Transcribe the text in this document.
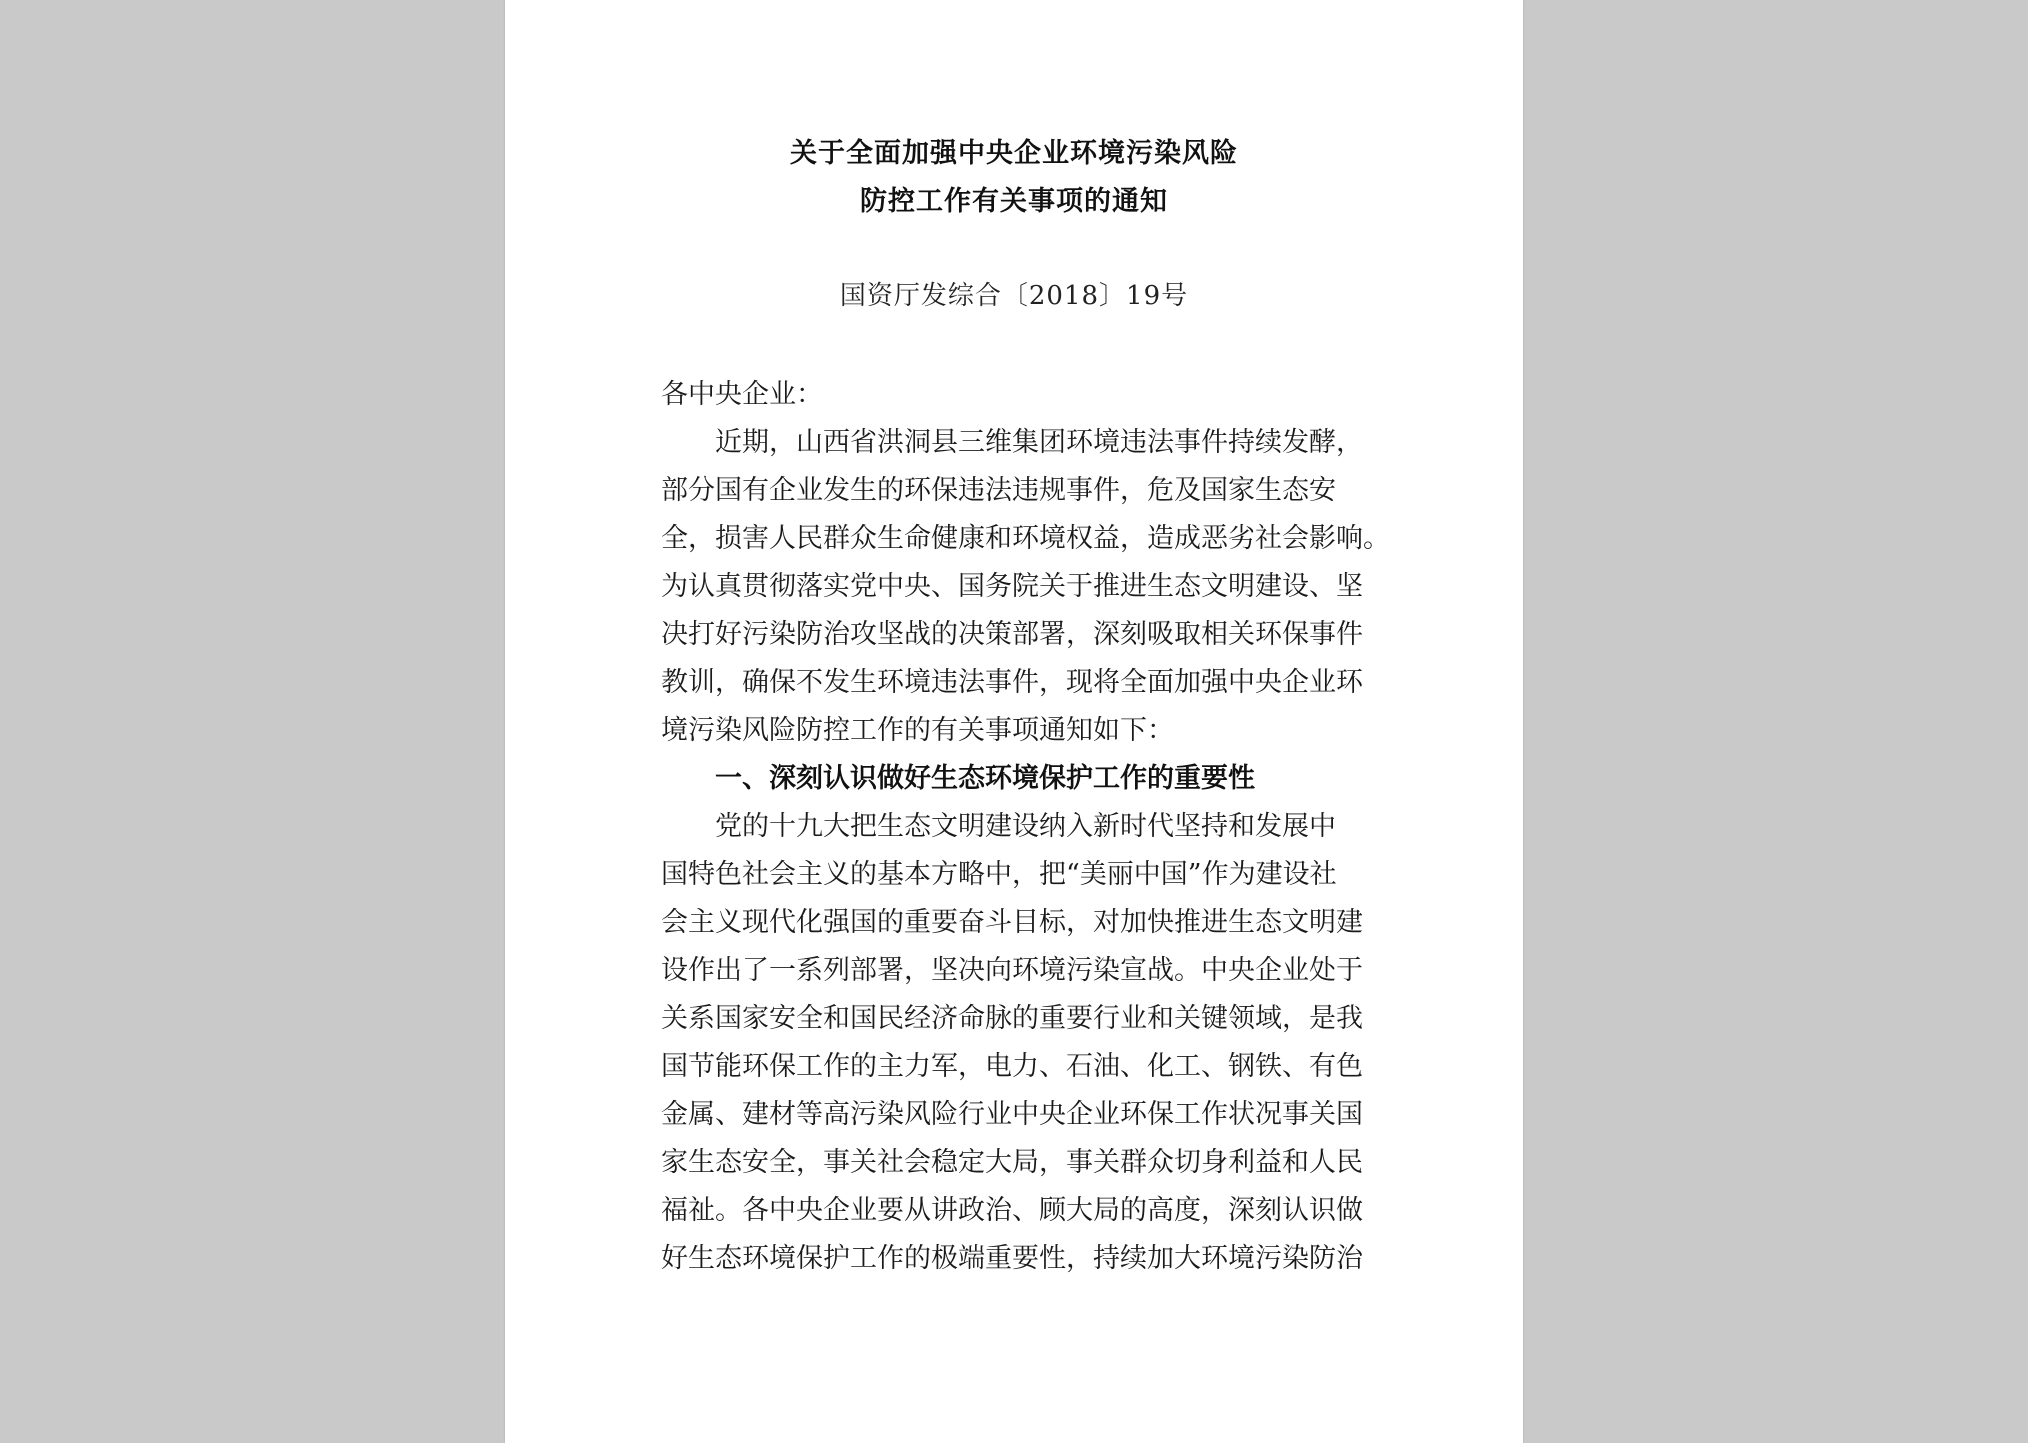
关于全面加强中央企业环境污染风险
防控工作有关事项的通知
国资厅发综合〔2018〕19号
各中央企业：
近期，山西省洪洞县三维集团环境违法事件持续发酵，
部分国有企业发生的环保违法违规事件，危及国家生态安
全，损害人民群众生命健康和环境权益，造成恶劣社会影响。
为认真贯彻落实党中央、国务院关于推进生态文明建设、坚
决打好污染防治攻坚战的决策部署，深刻吸取相关环保事件
教训，确保不发生环境违法事件，现将全面加强中央企业环
境污染风险防控工作的有关事项通知如下：
一、深刻认识做好生态环境保护工作的重要性
党的十九大把生态文明建设纳入新时代坚持和发展中
国特色社会主义的基本方略中，把“美丽中国”作为建设社
会主义现代化强国的重要奋斗目标，对加快推进生态文明建
设作出了一系列部署，坚决向环境污染宣战。中央企业处于
关系国家安全和国民经济命脉的重要行业和关键领域，是我
国节能环保工作的主力军，电力、石油、化工、钢铁、有色
金属、建材等高污染风险行业中央企业环保工作状况事关国
家生态安全，事关社会稳定大局，事关群众切身利益和人民
福祉。各中央企业要从讲政治、顾大局的高度，深刻认识做
好生态环境保护工作的极端重要性，持续加大环境污染防治
